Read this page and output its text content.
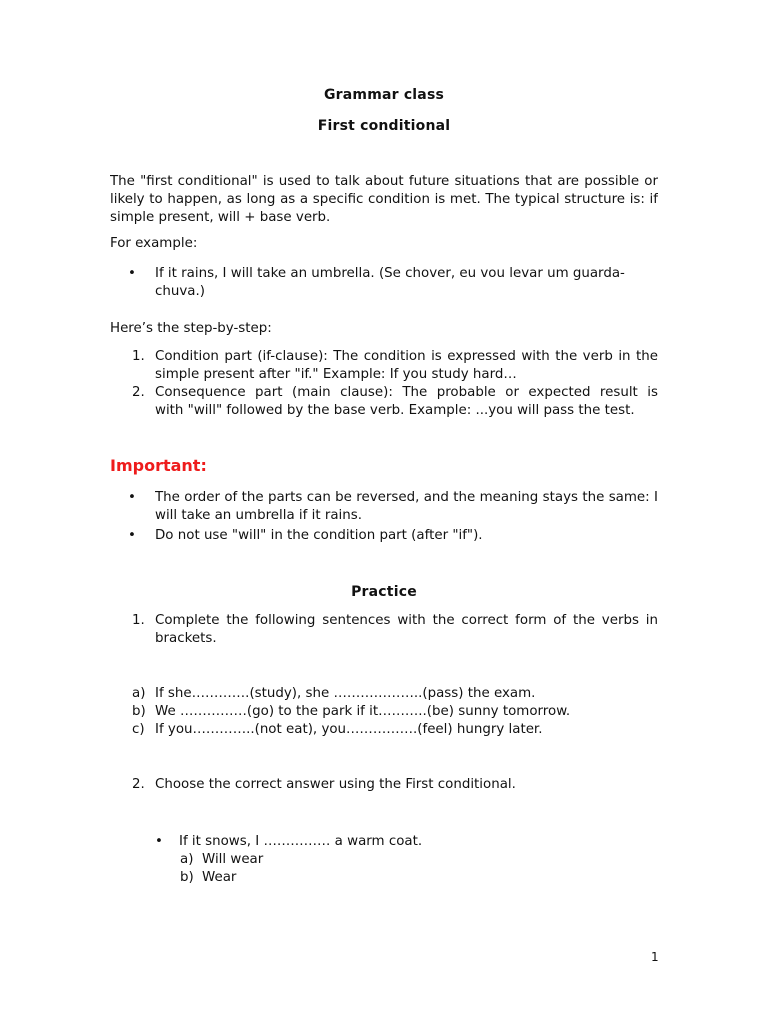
Grammar class
First conditional
The "first conditional" is used to talk about future situations that are possible or
likely to happen, as long as a specific condition is met. The typical structure is: if
simple present, will + base verb.
For example:
• If it rains, I will take an umbrella. (Se chover, eu vou levar um guarda-chuva.)
Here’s the step-by-step:
1. Condition part (if-clause): The condition is expressed with the verb in the
simple present after "if." Example: If you study hard…
2. Consequence part (main clause): The probable or expected result is
with "will" followed by the base verb. Example: ...you will pass the test.
Important:
• The order of the parts can be reversed, and the meaning stays the same: I
will take an umbrella if it rains.
• Do not use "will" in the condition part (after "if").
Practice
1. Complete the following sentences with the correct form of the verbs in
brackets.
a) If she………….(study), she ………………..(pass) the exam.
b) We ……………(go) to the park if it………..(be) sunny tomorrow.
c) If you…………..(not eat), you…………….(feel) hungry later.
2. Choose the correct answer using the First conditional.
• If it snows, I …………… a warm coat.
a) Will wear
b) Wear
1
